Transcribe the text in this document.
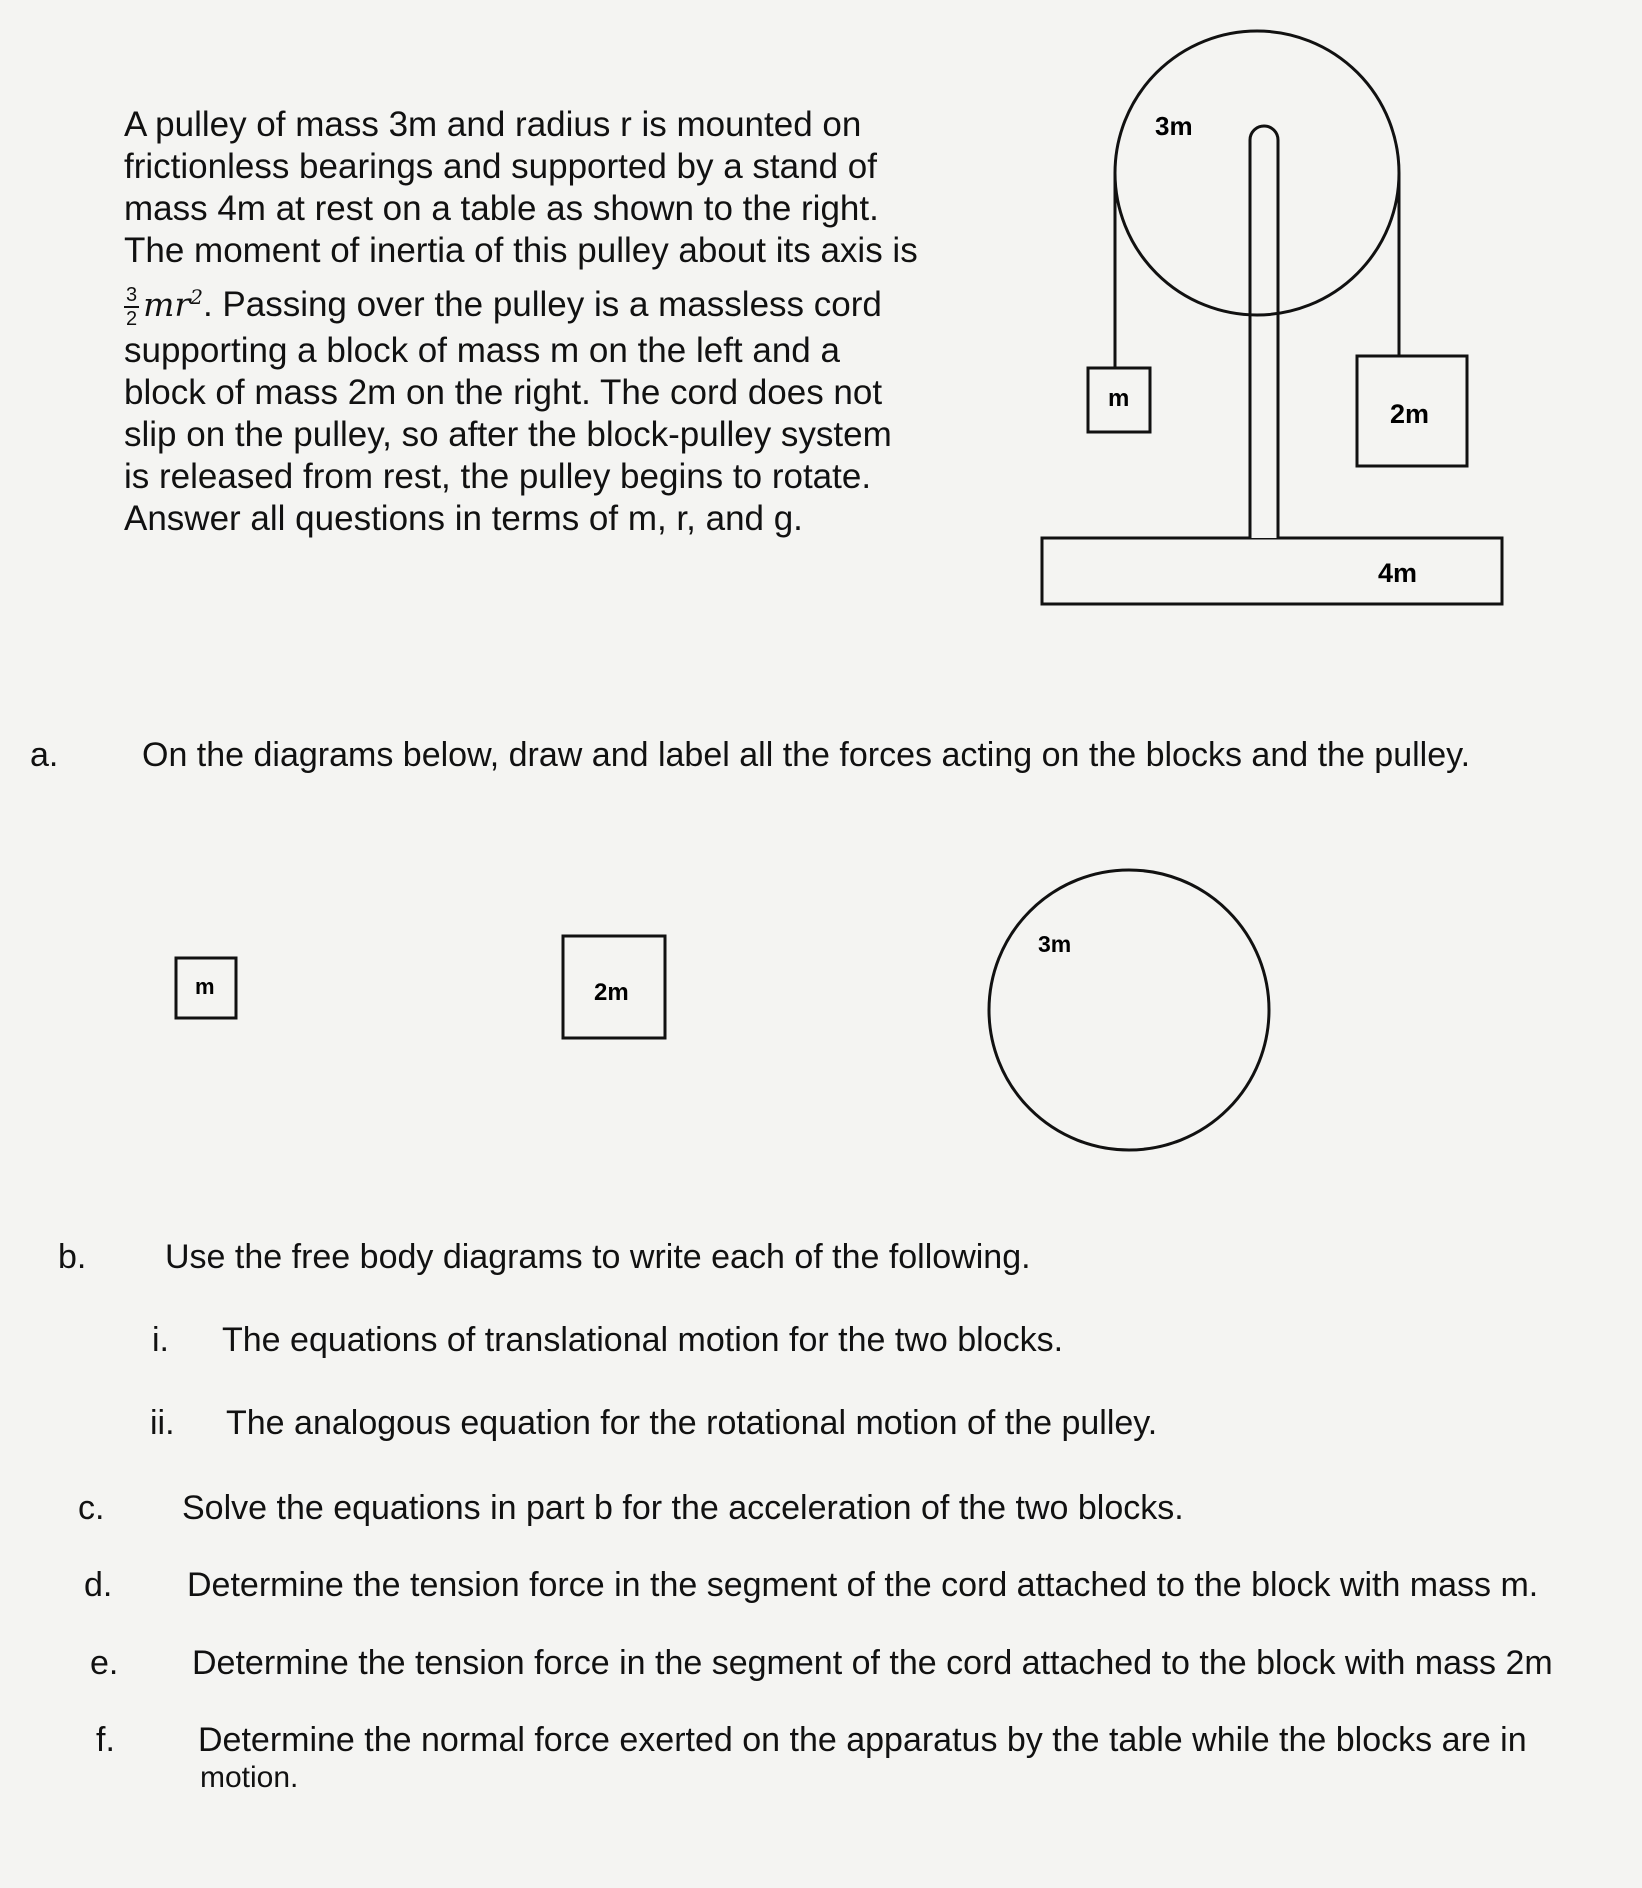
A pulley of mass 3m and radius r is mounted on
frictionless bearings and supported by a stand of
mass 4m at rest on a table as shown to the right.
The moment of inertia of this pulley about its axis is
$\frac{3}{2} mr^2$. Passing over the pulley is a massless cord
supporting a block of mass m on the left and a
block of mass 2m on the right. The cord does not
slip on the pulley, so after the block-pulley system
is released from rest, the pulley begins to rotate.
Answer all questions in terms of m, r, and g.
4m
3m
m
2m
m	2m
3m
a. On the diagrams below, draw and label all the forces acting on the blocks and the pulley.
b. Use the free body diagrams to write each of the following.
i. The equations of translational motion for the two blocks.
ii. The analogous equation for the rotational motion of the pulley.
c. Solve the equations in part b for the acceleration of the two blocks.
d. Determine the tension force in the segment of the cord attached to the block with mass m.
e. Determine the tension force in the segment of the cord attached to the block with mass 2m
f. Determine the normal force exerted on the apparatus by the table while the blocks are in
motion.
